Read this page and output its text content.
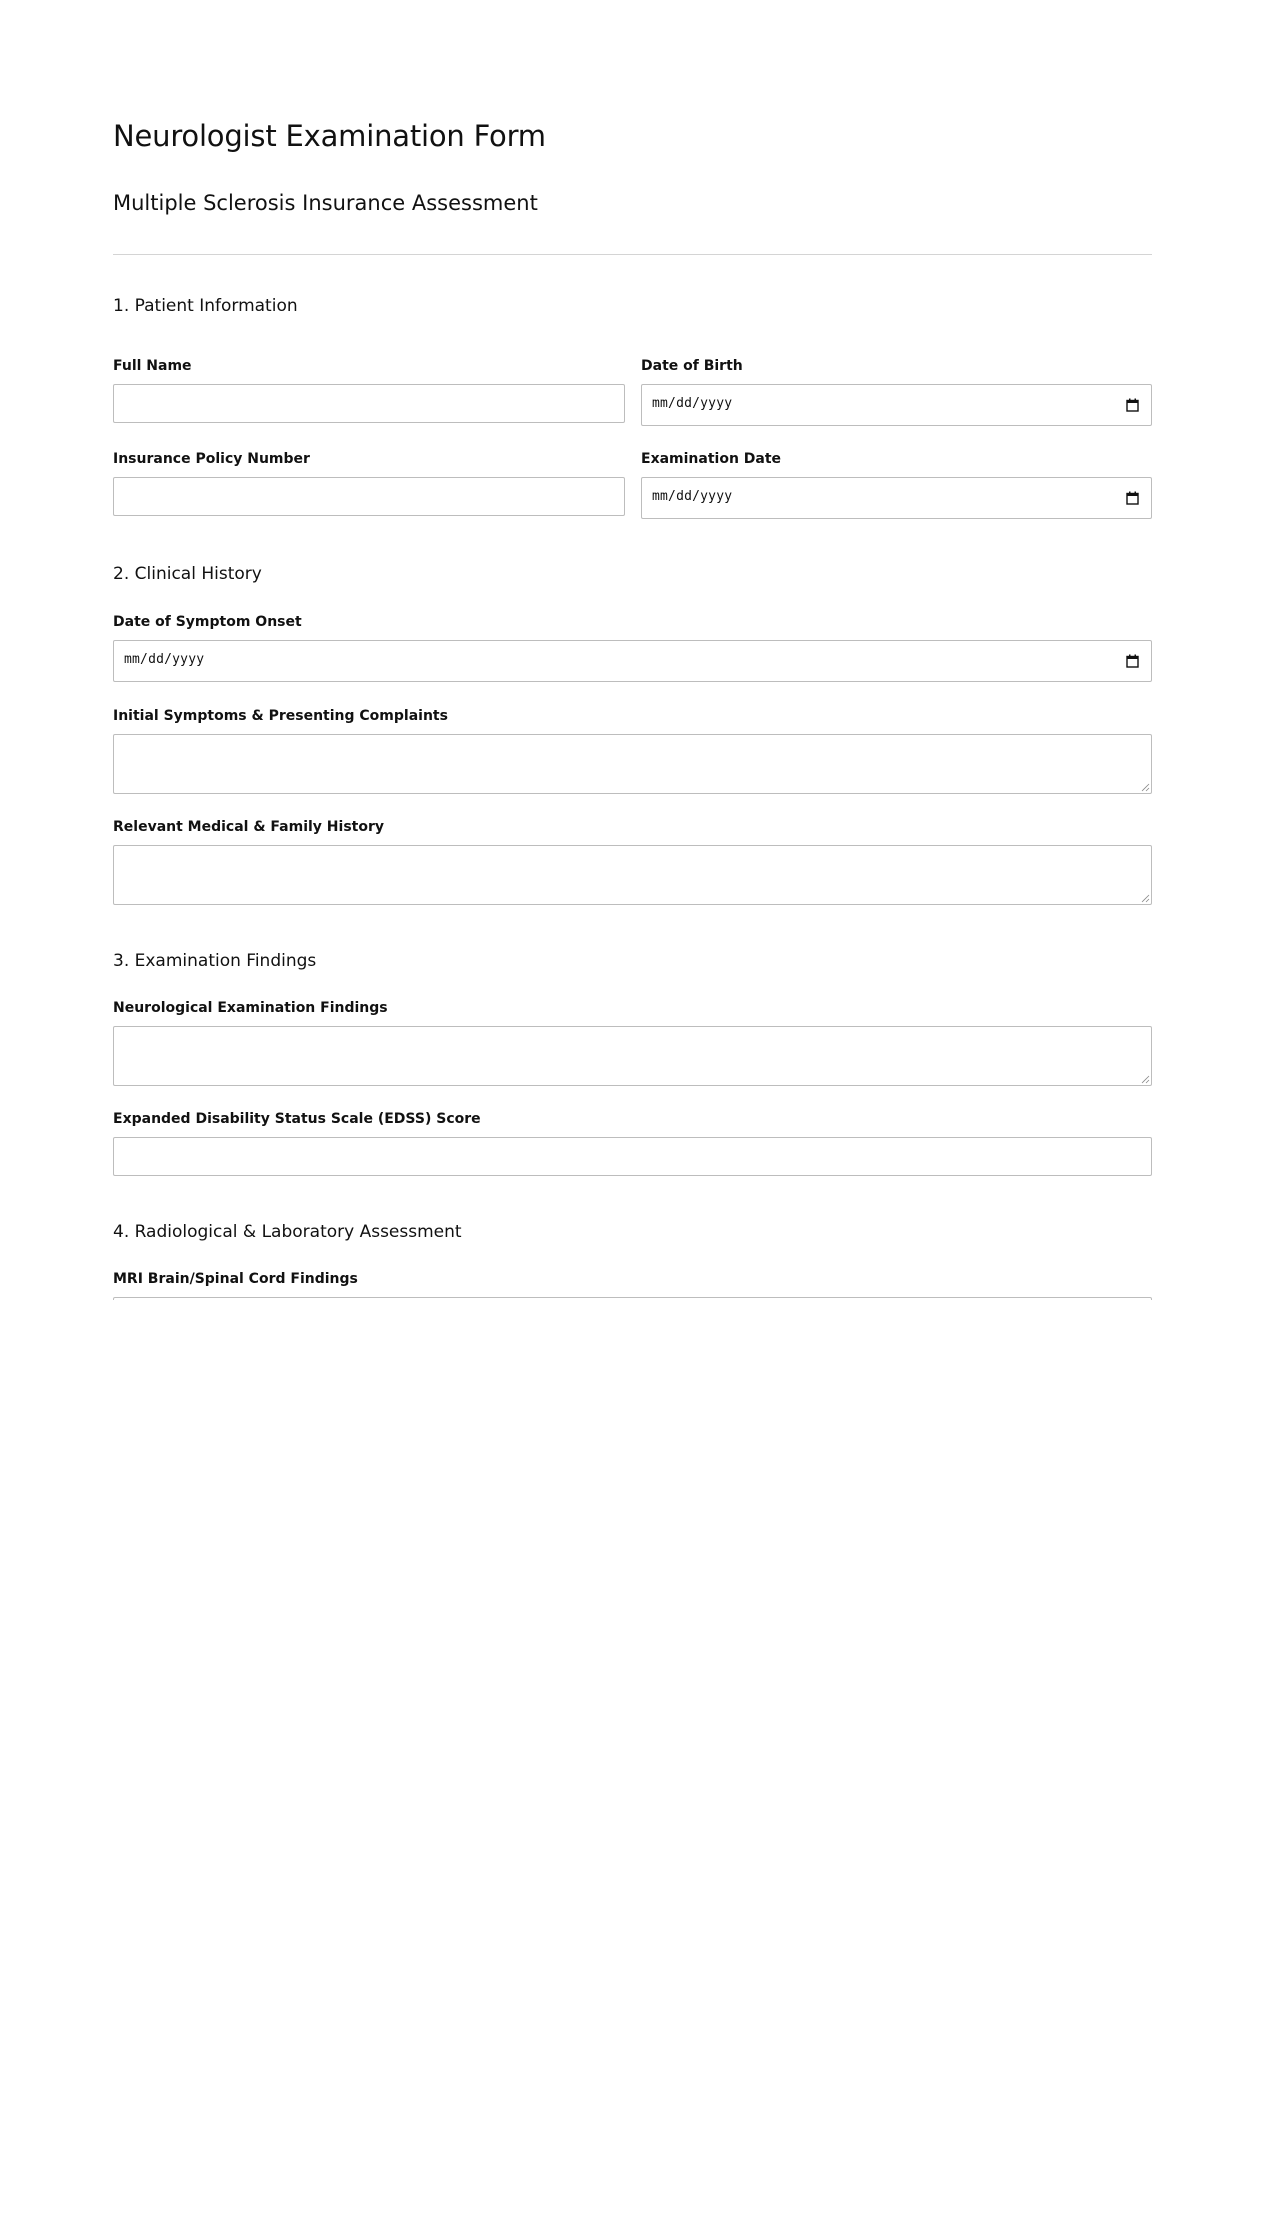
Neurologist Examination Form
Multiple Sclerosis Insurance Assessment
1. Patient Information
Full Name	Date of Birth
mm/dd/yyyy
Insurance Policy Number	Examination Date
mm/dd/yyyy
2. Clinical History
Date of Symptom Onset
mm/dd/yyyy
Initial Symptoms & Presenting Complaints
Relevant Medical & Family History
3. Examination Findings
Neurological Examination Findings
Expanded Disability Status Scale (EDSS) Score
4. Radiological & Laboratory Assessment
MRI Brain/Spinal Cord Findings
